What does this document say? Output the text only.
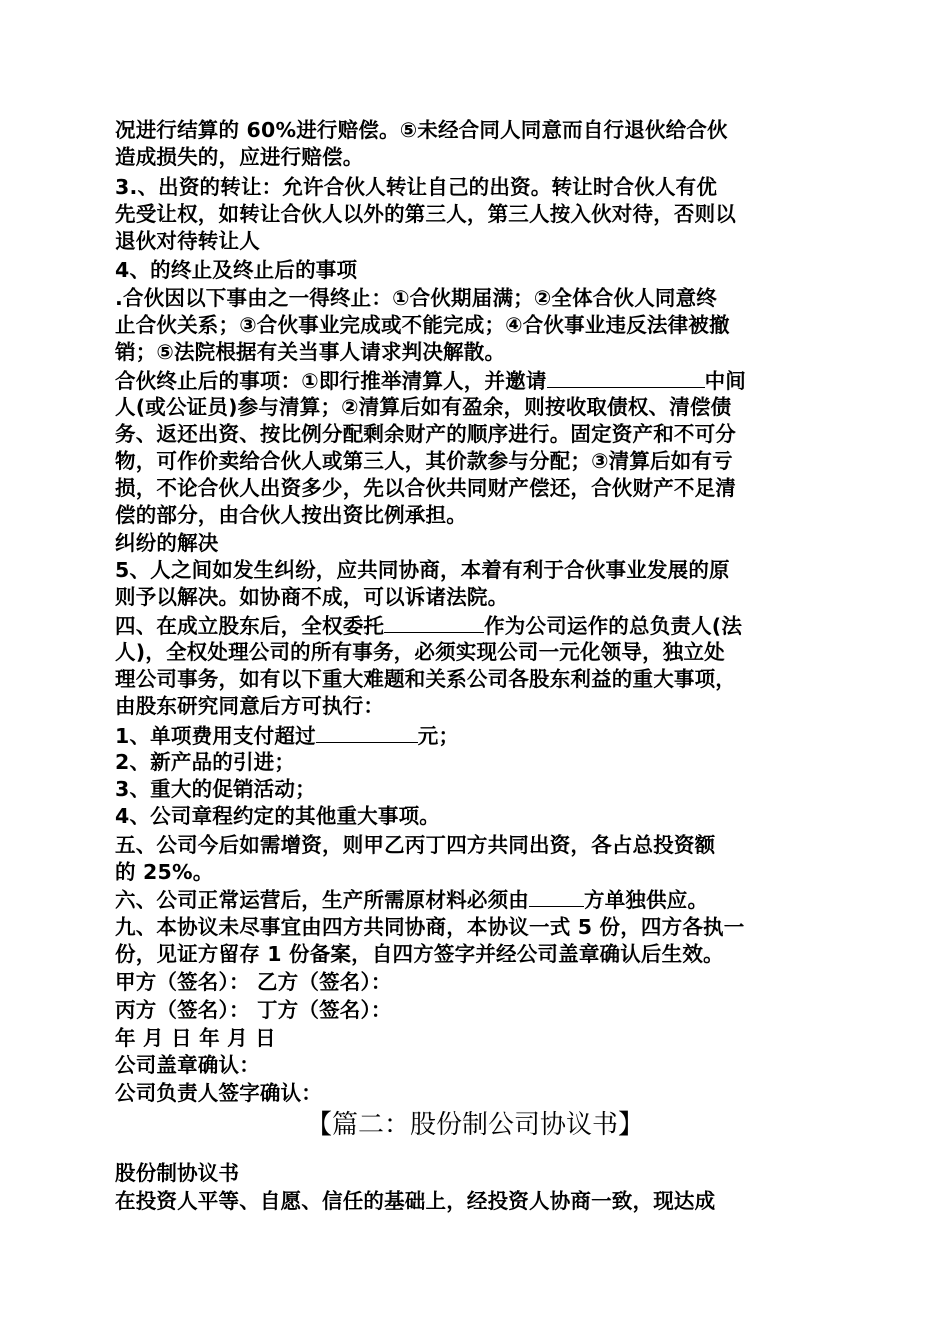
况进行结算的 60%进行赔偿。⑤未经合同人同意而自行退伙给合伙
造成损失的，应进行赔偿。
3.、出资的转让：允许合伙人转让自己的出资。转让时合伙人有优
先受让权，如转让合伙人以外的第三人，第三人按入伙对待，否则以
退伙对待转让人
4、的终止及终止后的事项
.合伙因以下事由之一得终止：①合伙期届满；②全体合伙人同意终
止合伙关系；③合伙事业完成或不能完成；④合伙事业违反法律被撤
销；⑤法院根据有关当事人请求判决解散。
合伙终止后的事项：①即行推举清算人，并邀请	中间
人(或公证员)参与清算；②清算后如有盈余，则按收取债权、清偿债
务、返还出资、按比例分配剩余财产的顺序进行。固定资产和不可分
物，可作价卖给合伙人或第三人，其价款参与分配；③清算后如有亏
损，不论合伙人出资多少，先以合伙共同财产偿还，合伙财产不足清
偿的部分，由合伙人按出资比例承担。
纠纷的解决
5、人之间如发生纠纷，应共同协商，本着有利于合伙事业发展的原
则予以解决。如协商不成，可以诉诸法院。
四、在成立股东后，全权委托	作为公司运作的总负责人(法
人)，全权处理公司的所有事务，必须实现公司一元化领导，独立处
理公司事务，如有以下重大难题和关系公司各股东利益的重大事项，
由股东研究同意后方可执行：
1、单项费用支付超过	元；
2、新产品的引进；
3、重大的促销活动；
4、公司章程约定的其他重大事项。
五、公司今后如需增资，则甲乙丙丁四方共同出资，各占总投资额
的 25%。
六、公司正常运营后，生产所需原材料必须由	方单独供应。
九、本协议未尽事宜由四方共同协商，本协议一式 5 份，四方各执一
份，见证方留存 1 份备案，自四方签字并经公司盖章确认后生效。
甲方（签名）： 乙方（签名）：
丙方（签名）： 丁方（签名）：
年 月 日 年 月 日
公司盖章确认：
公司负责人签字确认：
【篇二：股份制公司协议书】
股份制协议书
在投资人平等、自愿、信任的基础上，经投资人协商一致，现达成
